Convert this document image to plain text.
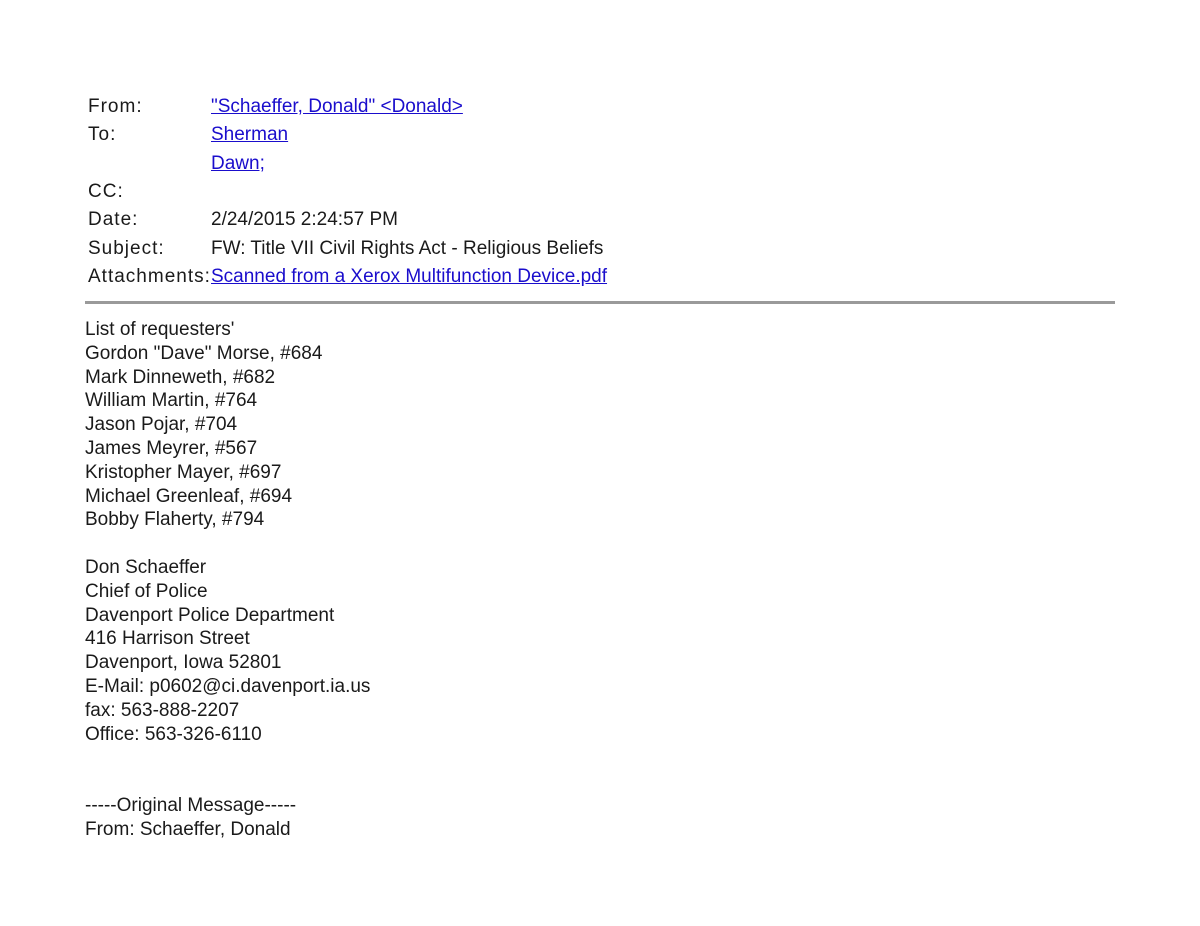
From:	"Schaeffer, Donald" <Donald>
To:	Sherman
Dawn;
CC:
Date:	2/24/2015 2:24:57 PM
Subject:	FW: Title VII Civil Rights Act - Religious Beliefs
Attachments: Scanned from a Xerox Multifunction Device.pdf
List of requesters'
Gordon "Dave" Morse, #684
Mark Dinneweth, #682
William Martin, #764
Jason Pojar, #704
James Meyrer, #567
Kristopher Mayer, #697
Michael Greenleaf, #694
Bobby Flaherty, #794
Don Schaeffer
Chief of Police
Davenport Police Department
416 Harrison Street
Davenport, Iowa 52801
E-Mail: p0602@ci.davenport.ia.us
fax: 563-888-2207
Office: 563-326-6110
-----Original Message-----
From: Schaeffer, Donald
